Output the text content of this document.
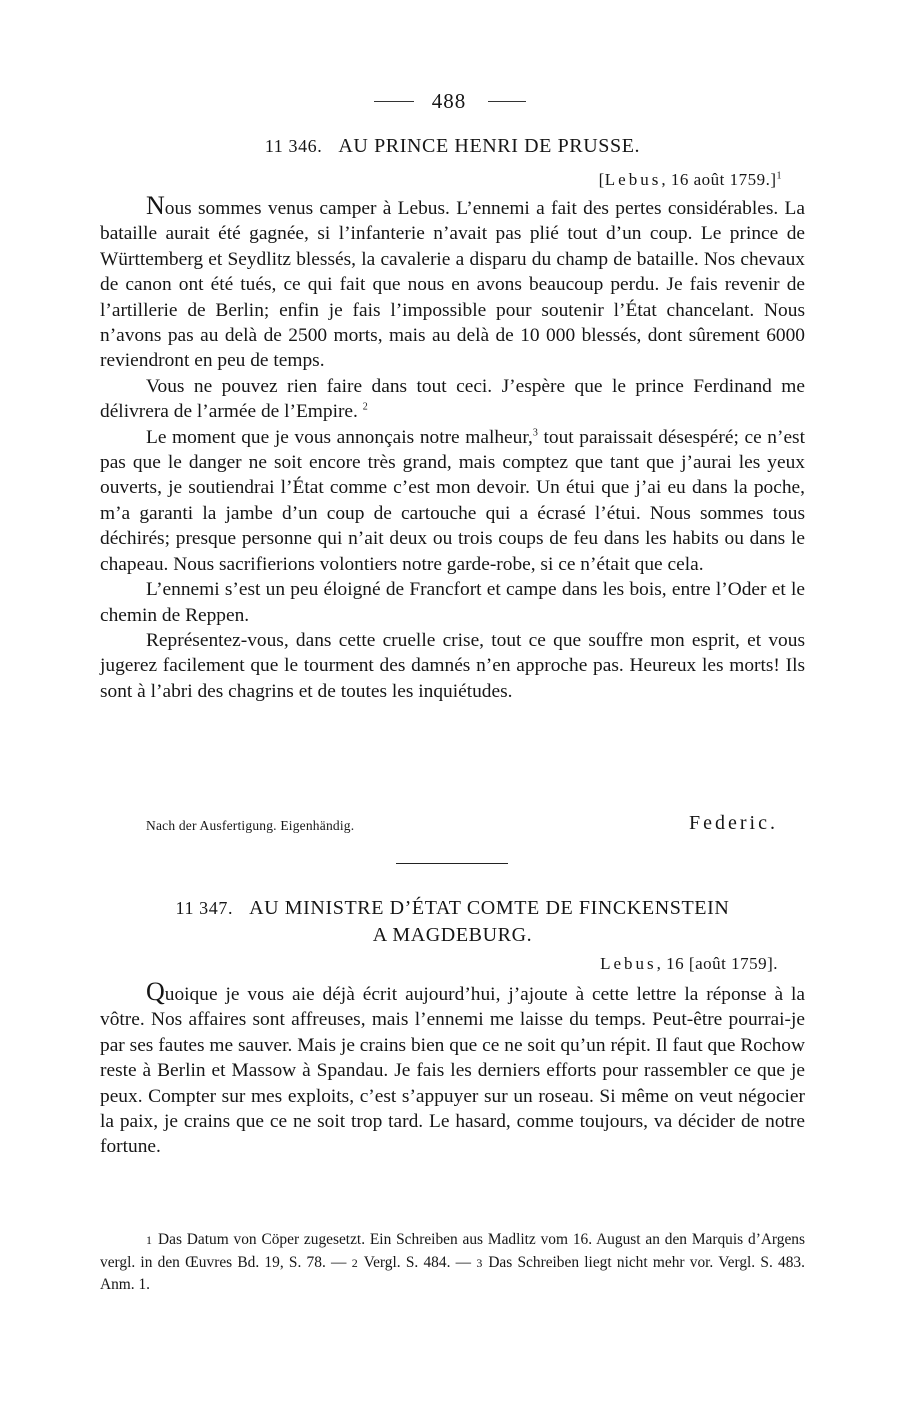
488
11 346. AU PRINCE HENRI DE PRUSSE.
[Lebus, 16 août 1759.]$^1$

Nous sommes venus camper à Lebus. L’ennemi a fait des pertes considérables. La bataille aurait été gagnée, si l’infanterie n’avait pas plié tout d’un coup. Le prince de Württemberg et Seydlitz blessés, la cavalerie a disparu du champ de bataille. Nos chevaux de canon ont été tués, ce qui fait que nous en avons beaucoup perdu. Je fais revenir de l’artillerie de Berlin; enfin je fais l’impossible pour soutenir l’État chancelant. Nous n’avons pas au delà de 2500 morts, mais au delà de 10 000 blessés, dont sûrement 6000 reviendront en peu de temps.

Vous ne pouvez rien faire dans tout ceci. J’espère que le prince Ferdinand me délivrera de l’armée de l’Empire. $^2$

Le moment que je vous annonçais notre malheur,$^3$ tout paraissait désespéré; ce n’est pas que le danger ne soit encore très grand, mais comptez que tant que j’aurai les yeux ouverts, je soutiendrai l’État comme c’est mon devoir. Un étui que j’ai eu dans la poche, m’a garanti la jambe d’un coup de cartouche qui a écrasé l’étui. Nous sommes tous déchirés; presque personne qui n’ait deux ou trois coups de feu dans les habits ou dans le chapeau. Nous sacrifierions volontiers notre garde-robe, si ce n’était que cela.

L’ennemi s’est un peu éloigné de Francfort et campe dans les bois, entre l’Oder et le chemin de Reppen.

Représentez-vous, dans cette cruelle crise, tout ce que souffre mon esprit, et vous jugerez facilement que le tourment des damnés n’en approche pas. Heureux les morts! Ils sont à l’abri des chagrins et de toutes les inquiétudes.

Nach der Ausfertigung. Eigenhändig.	Federic.
11 347. AU MINISTRE D’ÉTAT COMTE DE FINCKENSTEIN
A MAGDEBURG.
Lebus, 16 [août 1759].

Quoique je vous aie déjà écrit aujourd’hui, j’ajoute à cette lettre la réponse à la vôtre. Nos affaires sont affreuses, mais l’ennemi me laisse du temps. Peut-être pourrai-je par ses fautes me sauver. Mais je crains bien que ce ne soit qu’un répit. Il faut que Rochow reste à Berlin et Massow à Spandau. Je fais les derniers efforts pour rassembler ce que je peux. Compter sur mes exploits, c’est s’appuyer sur un roseau. Si même on veut négocier la paix, je crains que ce ne soit trop tard. Le hasard, comme toujours, va décider de notre fortune.

1 Das Datum von Cöper zugesetzt. Ein Schreiben aus Madlitz vom 16. August an den Marquis d’Argens vergl. in den Œuvres Bd. 19, S. 78. — 2 Vergl. S. 484. — 3 Das Schreiben liegt nicht mehr vor. Vergl. S. 483. Anm. 1.
